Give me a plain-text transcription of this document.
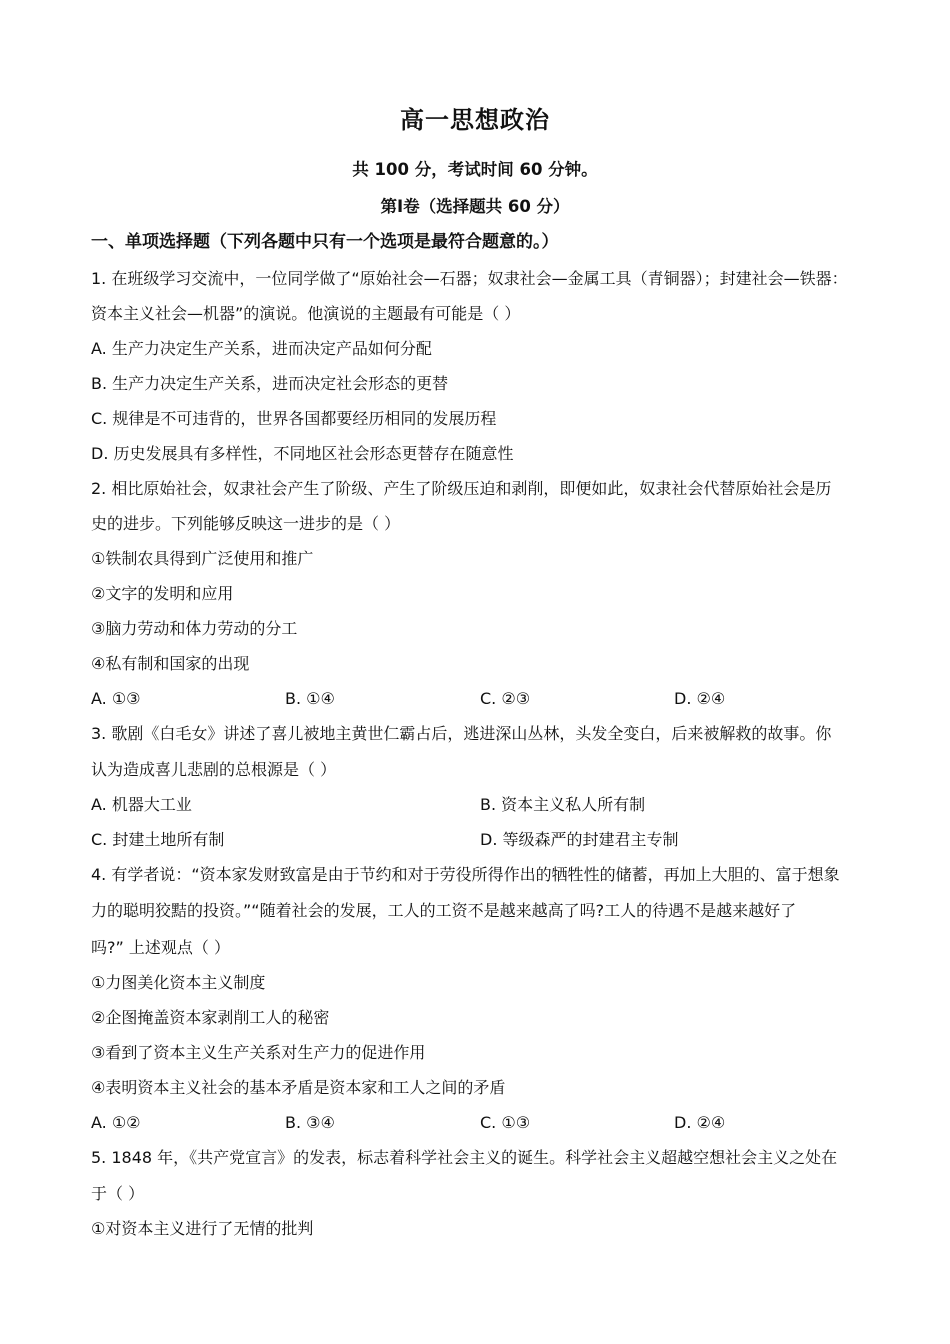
高一思想政治
共 100 分，考试时间 60 分钟。
第Ⅰ卷（选择题共 60 分）
一、单项选择题（下列各题中只有一个选项是最符合题意的。）
1. 在班级学习交流中，一位同学做了“原始社会—石器；奴隶社会—金属工具（青铜器）；封建社会—铁器：
资本主义社会—机器”的演说。他演说的主题最有可能是（ ）
A. 生产力决定生产关系，进而决定产品如何分配
B. 生产力决定生产关系，进而决定社会形态的更替
C. 规律是不可违背的，世界各国都要经历相同的发展历程
D. 历史发展具有多样性，不同地区社会形态更替存在随意性
2. 相比原始社会，奴隶社会产生了阶级、产生了阶级压迫和剥削，即便如此，奴隶社会代替原始社会是历
史的进步。下列能够反映这一进步的是（ ）
①铁制农具得到广泛使用和推广
②文字的发明和应用
③脑力劳动和体力劳动的分工
④私有制和国家的出现
A. ①③	B. ①④	C. ②③	D. ②④
3. 歌剧《白毛女》讲述了喜儿被地主黄世仁霸占后，逃进深山丛林，头发全变白，后来被解救的故事。你
认为造成喜儿悲剧的总根源是（ ）
A. 机器大工业	B. 资本主义私人所有制
C. 封建土地所有制	D. 等级森严的封建君主专制
4. 有学者说：“资本家发财致富是由于节约和对于劳役所得作出的牺牲性的储蓄，再加上大胆的、富于想象
力的聪明狡黠的投资。”“随着社会的发展，工人的工资不是越来越高了吗?工人的待遇不是越来越好了
吗?” 上述观点（ ）
①力图美化资本主义制度
②企图掩盖资本家剥削工人的秘密
③看到了资本主义生产关系对生产力的促进作用
④表明资本主义社会的基本矛盾是资本家和工人之间的矛盾
A. ①②	B. ③④	C. ①③	D. ②④
5. 1848 年，《共产党宣言》的发表，标志着科学社会主义的诞生。科学社会主义超越空想社会主义之处在
于（ ）
①对资本主义进行了无情的批判
